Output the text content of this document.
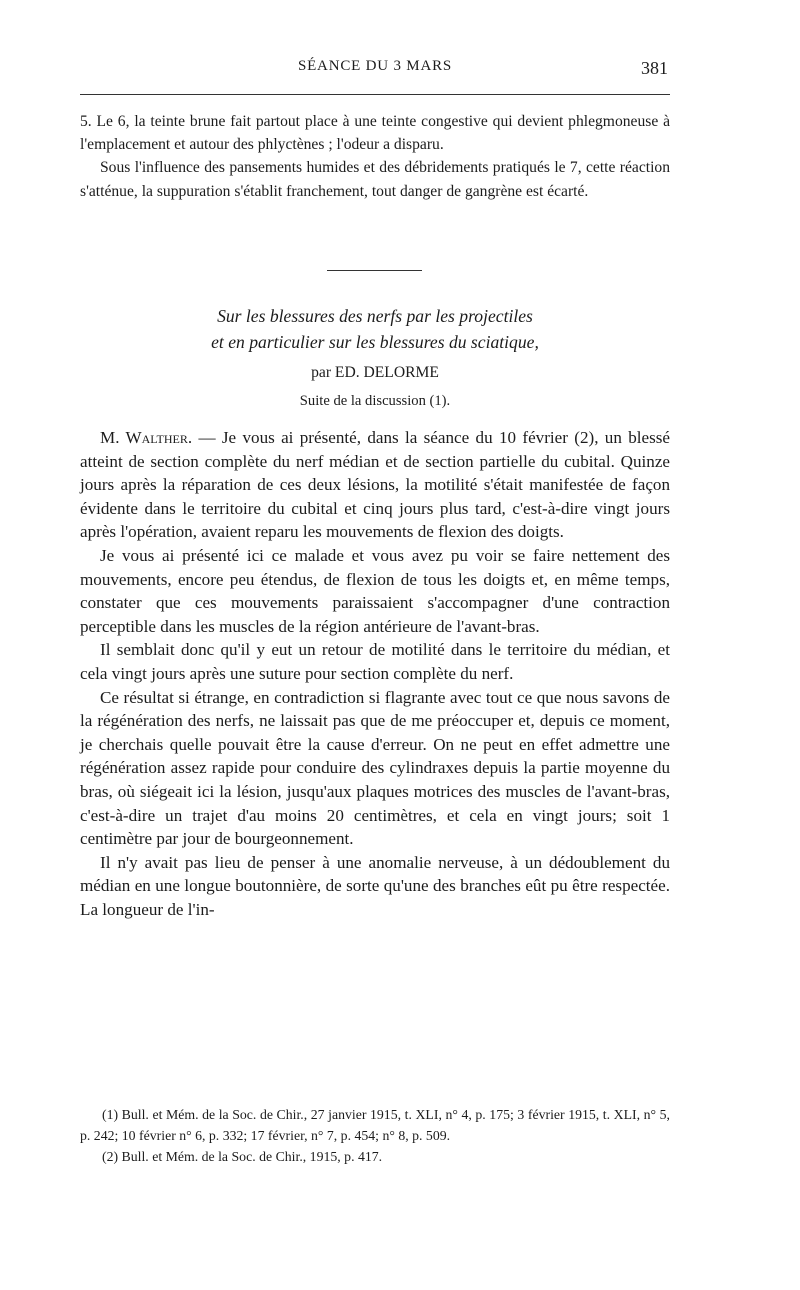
SÉANCE DU 3 MARS	381

5. Le 6, la teinte brune fait partout place à une teinte congestive qui devient phlegmoneuse à l'emplacement et autour des phlyctènes ; l'odeur a disparu.

Sous l'influence des pansements humides et des débridements pratiqués le 7, cette réaction s'atténue, la suppuration s'établit franchement, tout danger de gangrène est écarté.

Sur les blessures des nerfs par les projectiles
et en particulier sur les blessures du sciatique,
par ED. DELORME
Suite de la discussion (1).

M. Walther. — Je vous ai présenté, dans la séance du 10 février (2), un blessé atteint de section complète du nerf médian et de section partielle du cubital. Quinze jours après la réparation de ces deux lésions, la motilité s'était manifestée de façon évidente dans le territoire du cubital et cinq jours plus tard, c'est-à-dire vingt jours après l'opération, avaient reparu les mouvements de flexion des doigts.

Je vous ai présenté ici ce malade et vous avez pu voir se faire nettement des mouvements, encore peu étendus, de flexion de tous les doigts et, en même temps, constater que ces mouvements paraissaient s'accompagner d'une contraction perceptible dans les muscles de la région antérieure de l'avant-bras.

Il semblait donc qu'il y eut un retour de motilité dans le territoire du médian, et cela vingt jours après une suture pour section complète du nerf.

Ce résultat si étrange, en contradiction si flagrante avec tout ce que nous savons de la régénération des nerfs, ne laissait pas que de me préoccuper et, depuis ce moment, je cherchais quelle pouvait être la cause d'erreur. On ne peut en effet admettre une régénération assez rapide pour conduire des cylindraxes depuis la partie moyenne du bras, où siégeait ici la lésion, jusqu'aux plaques motrices des muscles de l'avant-bras, c'est-à-dire un trajet d'au moins 20 centimètres, et cela en vingt jours; soit 1 centimètre par jour de bourgeonnement.

Il n'y avait pas lieu de penser à une anomalie nerveuse, à un dédoublement du médian en une longue boutonnière, de sorte qu'une des branches eût pu être respectée. La longueur de l'in-

(1) Bull. et Mém. de la Soc. de Chir., 27 janvier 1915, t. XLI, n° 4, p. 175; 3 février 1915, t. XLI, n° 5, p. 242; 10 février n° 6, p. 332; 17 février, n° 7, p. 454; n° 8, p. 509.

(2) Bull. et Mém. de la Soc. de Chir., 1915, p. 417.
